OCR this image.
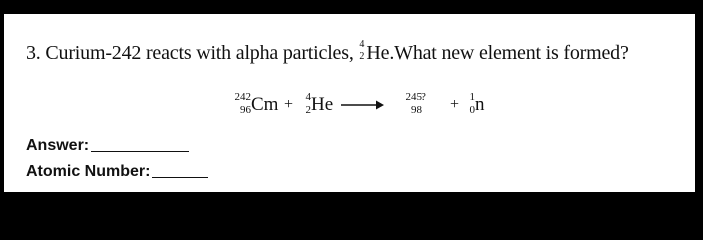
3. Curium-242 reacts with alpha particles, 4
2 He.What new element is formed?

242
96 Cm +	4
2 He →	245
98
? + 1
0 n
Answer:
Atomic Number:
